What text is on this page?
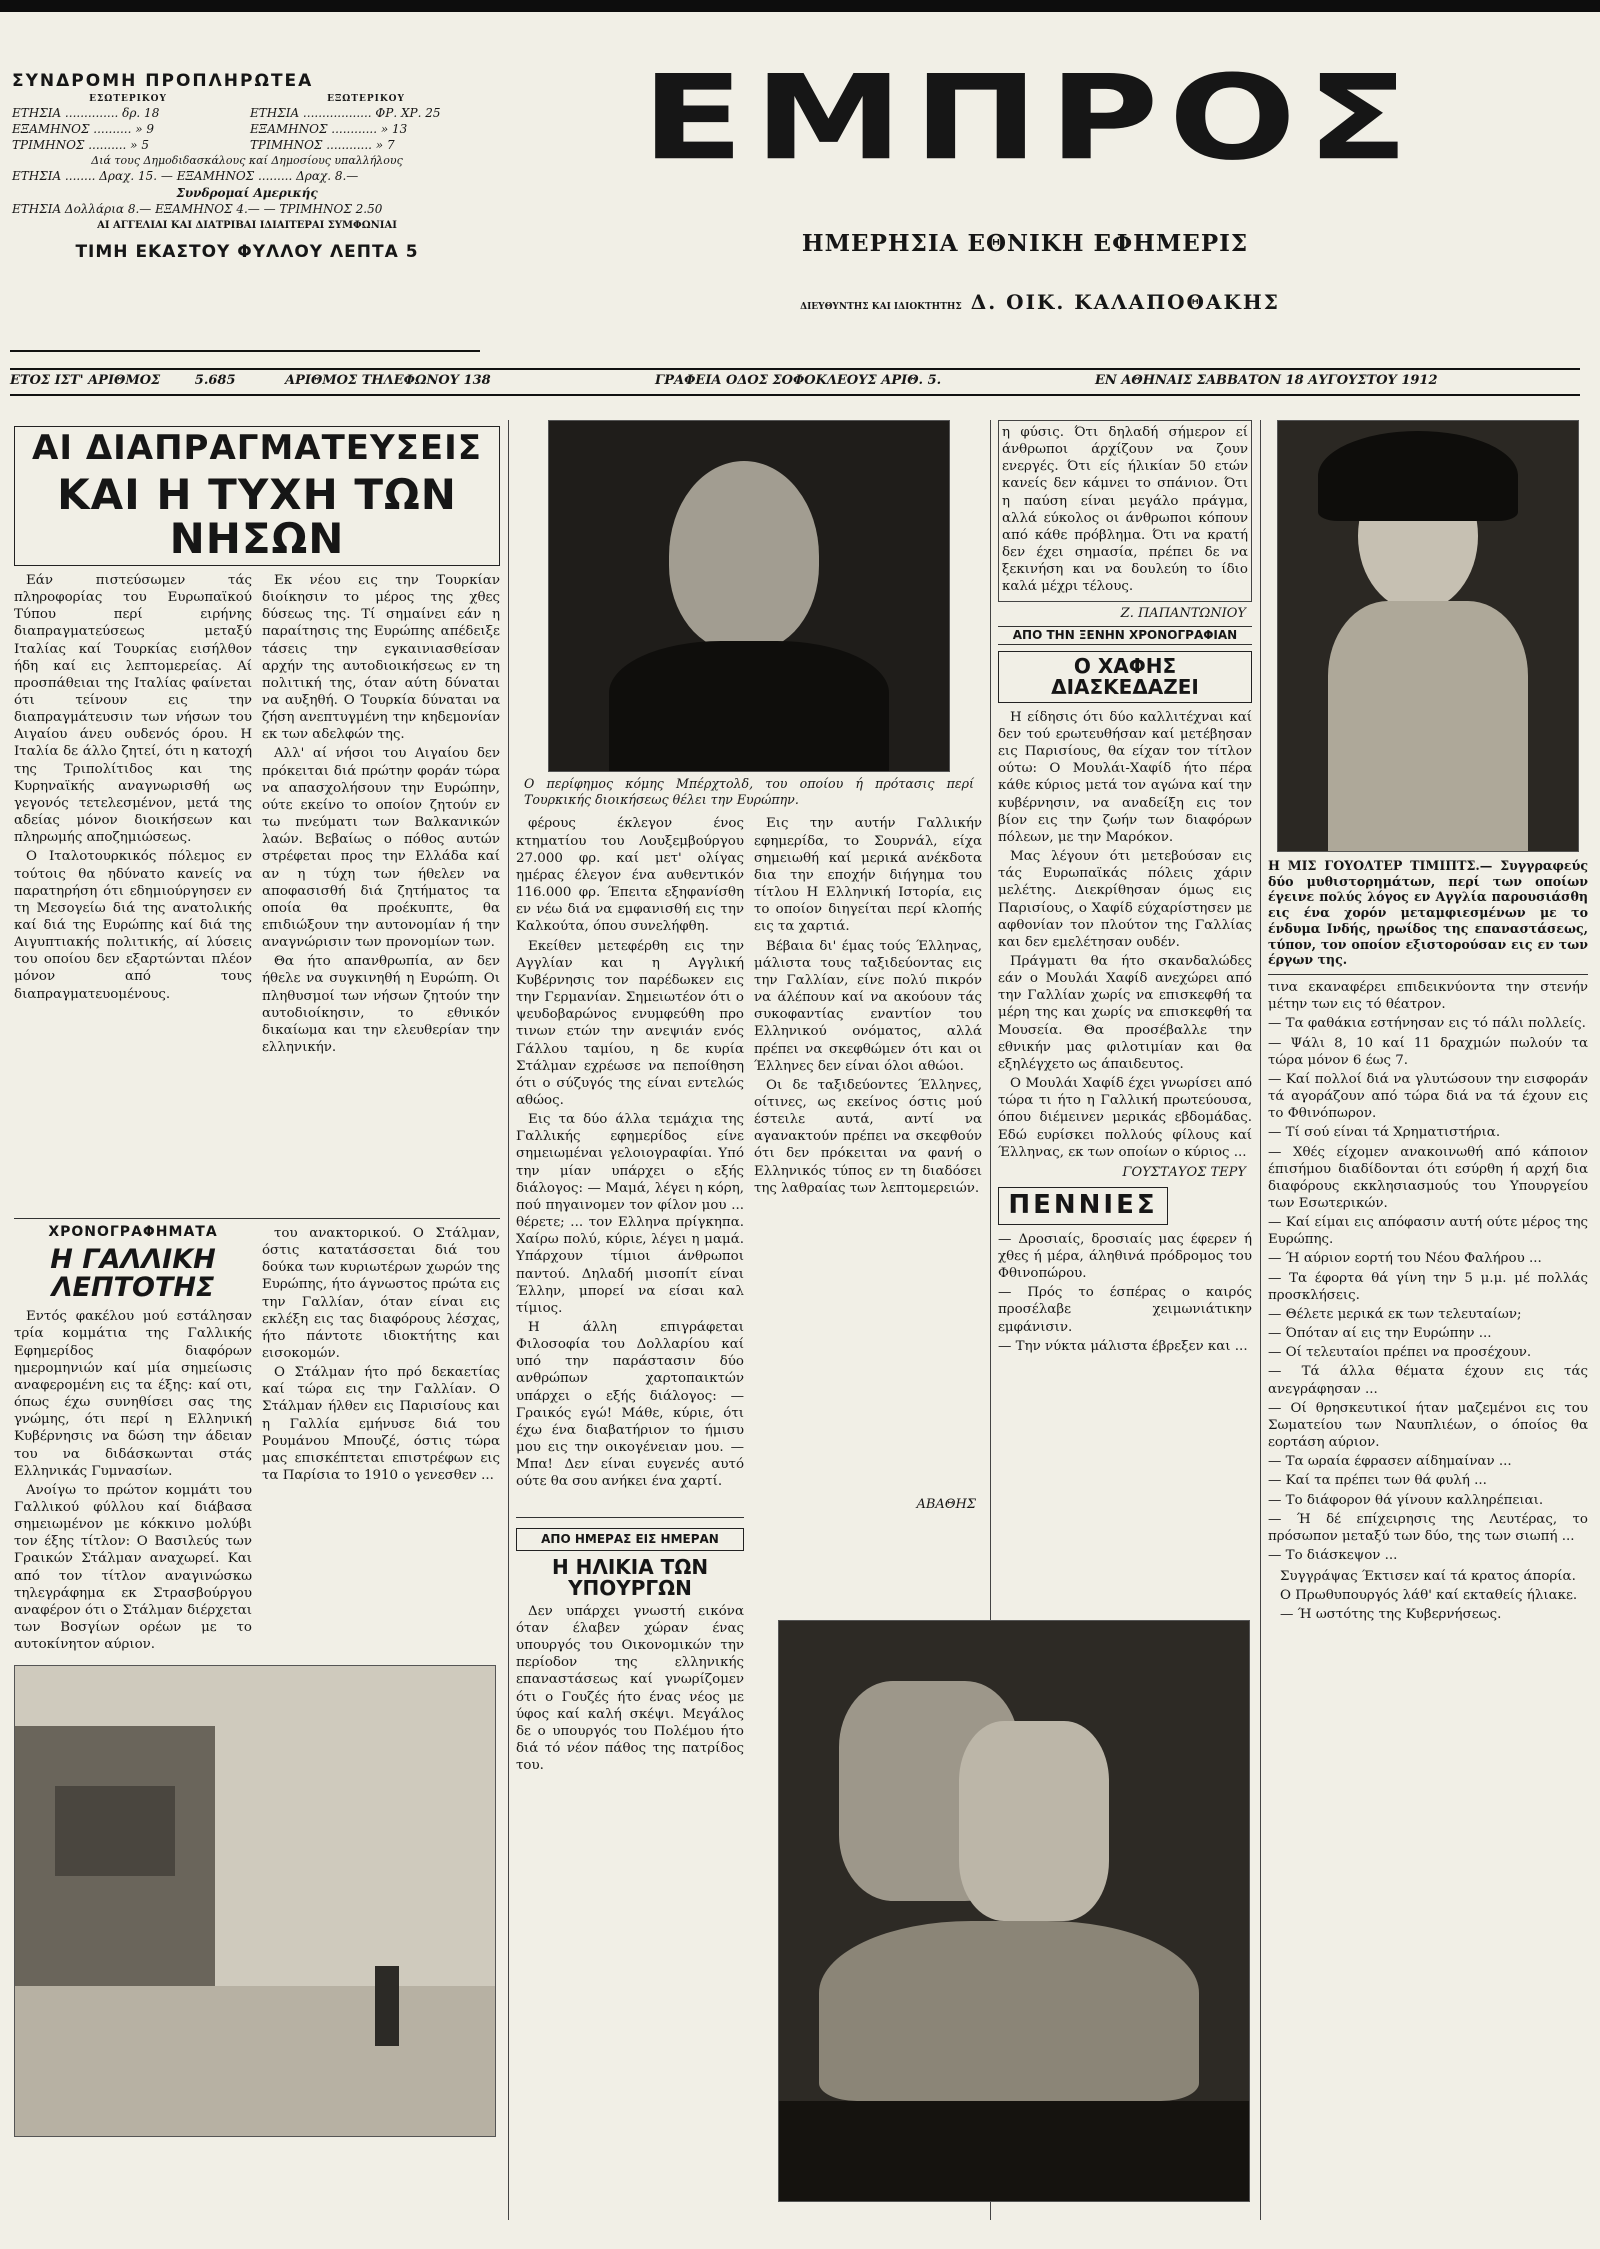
ΣΥΝΔΡΟΜΗ ΠΡΟΠΛΗΡΩΤΕΑ
ΕΣΩΤΕΡΙΚΟΥ	ΕΞΩΤΕΡΙΚΟΥ
ΕΤΗΣΙΑ .............. δρ. 18	ΕΤΗΣΙΑ .................. ΦΡ. ΧΡ. 25
ΕΞΑΜΗΝΟΣ .......... » 9	ΕΞΑΜΗΝΟΣ ............ » 13
ΤΡΙΜΗΝΟΣ .......... » 5	ΤΡΙΜΗΝΟΣ ............ » 7
Διά τους Δημοδιδασκάλους καί Δημοσίους υπαλλήλους
ΕΤΗΣΙΑ ........ Δραχ. 15. — ΕΞΑΜΗΝΟΣ ......... Δραχ. 8.—
Συνδρομαί Αμερικής
ΕΤΗΣΙΑ Δολλάρια 8.— ΕΞΑΜΗΝΟΣ 4.— — ΤΡΙΜΗΝΟΣ 2.50
ΑΙ ΑΓΓΕΛΙΑΙ ΚΑΙ ΔΙΑΤΡΙΒΑΙ ΙΔΙΑΙΤΕΡΑΙ ΣΥΜΦΩΝΙΑΙ
ΤΙΜΗ ΕΚΑΣΤΟΥ ΦΥΛΛΟΥ ΛΕΠΤΑ 5
ΕΜΠΡΟΣ
ΗΜΕΡΗΣΙΑ ΕΘΝΙΚΗ ΕΦΗΜΕΡΙΣ
ΔΙΕΥΘΥΝΤΗΣ ΚΑΙ ΙΔΙΟΚΤΗΤΗΣ Δ. ΟΙΚ. ΚΑΛΑΠΟΘΑΚΗΣ
ΕΤΟΣ ΙΣΤ' ΑΡΙΘΜΟΣ	5.685	ΑΡΙΘΜΟΣ ΤΗΛΕΦΩΝΟΥ 138	ΓΡΑΦΕΙΑ ΟΔΟΣ ΣΟΦΟΚΛΕΟΥΣ ΑΡΙΘ. 5.	ΕΝ ΑΘΗΝΑΙΣ ΣΑΒΒΑΤΟΝ 18 ΑΥΓΟΥΣΤΟΥ 1912
ΑΙ ΔΙΑΠΡΑΓΜΑΤΕΥΣΕΙΣ
ΚΑΙ Η ΤΥΧΗ ΤΩΝ ΝΗΣΩΝ

Εάν πιστεύσωμεν τάς πληροφορίας του Ευρωπαϊκού Τύπου περί ειρήνης διαπραγματεύσεως μεταξύ Ιταλίας καί Τουρκίας εισήλθον ήδη καί εις λεπτομερείας. Αί προσπάθειαι της Ιταλίας φαίνεται ότι τείνουν εις την διαπραγμάτευσιν των νήσων του Αιγαίου άνευ ουδενός όρου. Η Ιταλία δε άλλο ζητεί, ότι η κατοχή της Τριπολίτιδος και της Κυρηναϊκής αναγνωρισθή ως γεγονός τετελεσμένον, μετά της αδείας μόνον διοικήσεων και πληρωμής αποζημιώσεως.

Ο Ιταλοτουρκικός πόλεμος εν τούτοις θα ηδύνατο κανείς να παρατηρήση ότι εδημιούργησεν εν τη Μεσογείω διά της ανατολικής καί διά της Ευρώπης καί διά της Αιγυπτιακής πολιτικής, αί λύσεις του οποίου δεν εξαρτώνται πλέον μόνον από τους διαπραγματευομένους.

Εκ νέου εις την Τουρκίαν διοίκησιν το μέρος της χθες δύσεως της. Τί σημαίνει εάν η παραίτησις της Ευρώπης απέδειξε τάσεις την εγκαινιασθείσαν αρχήν της αυτοδιοικήσεως εν τη πολιτική της, όταν αύτη δύναται να αυξηθή. Ο Τουρκία δύναται να ζήση ανεπτυγμένη την κηδεμονίαν εκ των αδελφών της.

Αλλ' αί νήσοι του Αιγαίου δεν πρόκειται διά πρώτην φοράν τώρα να απασχολήσουν την Ευρώπην, ούτε εκείνο το οποίον ζητούν εν τω πνεύματι των Βαλκανικών λαών. Βεβαίως ο πόθος αυτών στρέφεται προς την Ελλάδα καί αν η τύχη των ήθελεν να αποφασισθή διά ζητήματος τα οποία θα προέκυπτε, θα επιδιώξουν την αυτονομίαν ή την αναγνώρισιν των προνομίων των.

Θα ήτο απανθρωπία, αν δεν ήθελε να συγκινηθή η Ευρώπη. Οι πληθυσμοί των νήσων ζητούν την αυτοδιοίκησιν, το εθνικόν δικαίωμα και την ελευθερίαν την ελληνικήν.

ΧΡΟΝΟΓΡΑΦΗΜΑΤΑ
Η ΓΑΛΛΙΚΗ ΛΕΠΤΟΤΗΣ

Εντός φακέλου μού εστάλησαν τρία κομμάτια της Γαλλικής Εφημερίδος διαφόρων ημερομηνιών καί μία σημείωσις αναφερομένη εις τα έξης: καί οτι, όπως έχω συνηθίσει σας της γνώμης, ότι περί η Ελληνική Κυβέρνησις να δώση την άδειαν του να διδάσκωνται στάς Ελληνικάς Γυμνασίων.

Ανοίγω το πρώτον κομμάτι του Γαλλικού φύλλου καί διάβασα σημειωμένον με κόκκινο μολύβι τον έξης τίτλον: Ο Βασιλεύς των Γραικών Στάλμαν αναχωρεί. Και από τον τίτλον αναγινώσκω τηλεγράφημα εκ Στρασβούργου αναφέρον ότι ο Στάλμαν διέρχεται των Βοσγίων ορέων με το αυτοκίνητον αύριον.

του ανακτορικού. Ο Στάλμαν, όστις κατατάσσεται διά του δούκα των κυριωτέρων χωρών της Ευρώπης, ήτο άγνωστος πρώτα εις την Γαλλίαν, όταν είναι εις εκλέξη εις τας διαφόρους λέσχας, ήτο πάντοτε ιδιοκτήτης και εισοκομών.

Ο Στάλμαν ήτο πρό δεκαετίας καί τώρα εις την Γαλλίαν. Ο Στάλμαν ήλθεν εις Παρισίους και η Γαλλία εμήνυσε διά του Ρουμάνου Μπουζέ, όστις τώρα μας επισκέπτεται επιστρέφων εις τα Παρίσια το 1910 ο γενεσθεν ...

Ο περίφημος κόμης Μπέρχτολδ, του οποίου ή πρότασις περί Τουρκικής διοικήσεως θέλει την Ευρώπην.

φέρους έκλεγον ένος κτηματίου του Λουξεμβούργου 27.000 φρ. καί μετ' ολίγας ημέρας έλεγον ένα αυθεντικόν 116.000 φρ. Έπειτα εξηφανίσθη εν νέω διά να εμφανισθή εις την Καλκούτα, όπου συνελήφθη.

Εκείθεν μετεφέρθη εις την Αγγλίαν και η Αγγλική Κυβέρνησις τον παρέδωκεν εις την Γερμανίαν. Σημειωτέον ότι ο ψευδοβαρώνος ενυμφεύθη προ τινων ετών την ανεψιάν ενός Γάλλου ταμίου, η δε κυρία Στάλμαν εχρέωσε να πεποίθηση ότι ο σύζυγός της είναι εντελώς αθώος.

Εις τα δύο άλλα τεμάχια της Γαλλικής εφημερίδος είνε σημειωμέναι γελοιογραφίαι. Υπό την μίαν υπάρχει ο εξής διάλογος: — Μαμά, λέγει η κόρη, πού πηγαινομεν τον φίλον μου ... θέρετε; ... τον Ελληνα πρίγκηπα. Χαίρω πολύ, κύριε, λέγει η μαμά. Υπάρχουν τίμιοι άνθρωποι παντού. Δηλαδή μισοπίτ είναι Έλλην, μπορεί να είσαι καλ τίμιος.

Η άλλη επιγράφεται Φιλοσοφία του Δολλαρίου καί υπό την παράστασιν δύο ανθρώπων χαρτοπαικτών υπάρχει ο εξής διάλογος: — Γραικός εγώ! Μάθε, κύριε, ότι έχω ένα διαβατήριον το ήμισυ μου εις την οικογένειαν μου. — Μπα! Δεν είναι ευγενές αυτό ούτε θα σου ανήκει ένα χαρτί.

Εις την αυτήν Γαλλικήν εφημερίδα, το Σουρνάλ, είχα σημειωθή καί μερικά ανέκδοτα δια την εποχήν διήγημα του τίτλου Η Ελληνική Ιστορία, εις το οποίον διηγείται περί κλοπής εις τα χαρτιά.

Βέβαια δι' έμας τούς Έλληνας, μάλιστα τους ταξιδεύοντας εις την Γαλλίαν, είνε πολύ πικρόν να άλέπουν καί να ακούουν τάς συκοφαντίας εναντίον του Ελληνικού ονόματος, αλλά πρέπει να σκεφθώμεν ότι και οι Έλληνες δεν είναι όλοι αθώοι.

Οι δε ταξιδεύοντες Έλληνες, οίτινες, ως εκείνος όστις μού έστειλε αυτά, αντί να αγανακτούν πρέπει να σκεφθούν ότι δεν πρόκειται να φανή ο Ελληνικός τύπος εν τη διαδόσει της λαθραίας των λεπτομερειών.

ΑΒΑΘΗΣ
ΑΠΟ ΗΜΕΡΑΣ ΕΙΣ ΗΜΕΡΑΝ
Η ΗΛΙΚΙΑ ΤΩΝ ΥΠΟΥΡΓΩΝ

Δεν υπάρχει γνωστή εικόνα όταν έλαβεν χώραν ένας υπουργός του Οικονομικών την περίοδον της ελληνικής επαναστάσεως καί γνωρίζομεν ότι ο Γουζές ήτο ένας νέος με ύφος καί καλή σκέψι. Μεγάλος δε ο υπουργός του Πολέμου ήτο διά τό νέον πάθος της πατρίδος του.

η φύσις. Ότι δηλαδή σήμερον εί άνθρωποι άρχίζουν να ζουν ενεργές. Ότι είς ήλικίαν 50 ετών κανείς δεν κάμνει το σπάνιον. Ότι η παύση είναι μεγάλο πράγμα, αλλά εύκολος οι άνθρωποι κόπουν από κάθε πρόβλημα. Ότι να κρατή δεν έχει σημασία, πρέπει δε να ξεκινήση και να δουλεύη το ίδιο καλά μέχρι τέλους.

Ζ. ΠΑΠΑΝΤΩΝΙΟΥ
ΑΠΟ ΤΗΝ ΞΕΝΗΝ ΧΡΟΝΟΓΡΑΦΙΑΝ
Ο ΧΑΦΗΣ ΔΙΑΣΚΕΔΑΖΕΙ

Η είδησις ότι δύο καλλιτέχναι καί δεν τού ερωτευθήσαν καί μετέβησαν εις Παρισίους, θα είχαν τον τίτλον ούτω: Ο Μουλάι-Χαφίδ ήτο πέρα κάθε κύριος μετά τον αγώνα καί την κυβέρνησιν, να αναδείξη εις τον βίον εις την ζωήν των διαφόρων πόλεων, με την Μαρόκον.

Μας λέγουν ότι μετεβούσαν εις τάς Ευρωπαϊκάς πόλεις χάριν μελέτης. Διεκρίθησαν όμως εις Παρισίους, ο Χαφίδ εύχαρίστησεν με αφθονίαν τον πλούτον της Γαλλίας και δεν εμελέτησαν ουδέν.

Πράγματι θα ήτο σκανδαλώδες εάν ο Μουλάι Χαφίδ ανεχώρει από την Γαλλίαν χωρίς να επισκεφθή τα μέρη της και χωρίς να επισκεφθή τα Μουσεία. Θα προσέβαλλε την εθνικήν μας φιλοτιμίαν και θα εξηλέγχετο ως άπαιδευτος.

Ο Μουλάι Χαφίδ έχει γνωρίσει από τώρα τι ήτο η Γαλλική πρωτεύουσα, όπου διέμεινεν μερικάς εβδομάδας. Εδώ ευρίσκει πολλούς φίλους καί Έλληνας, εκ των οποίων ο κύριος ...

ΓΟΥΣΤΑΥΟΣ ΤΕΡΥ
ΠΕΝΝΙΕΣ

— Δροσιαίς, δροσιαίς μας έφερεν ή χθες ή μέρα, άληθινά πρόδρομος του Φθινοπώρου.

— Πρός το έσπέρας ο καιρός προσέλαβε χειμωνιάτικην εμφάνισιν.

— Την νύκτα μάλιστα έβρεξεν και ...

Η ΜΙΣ ΓΟΥΟΛΤΕΡ ΤΙΜΙΠΤΣ.— Συγγραφεύς δύο μυθιστορημάτων, περί των οποίων έγεινε πολύς λόγος εν Αγγλία παρουσιάσθη εις ένα χορόν μεταμφιεσμένων με το ένδυμα Ινδής, ηρωίδος της επαναστάσεως, τύπον, τον οποίον εξιστορούσαν εις εν των έργων της.

τινα εκαναφέρει επιδεικνύοντα την στενήν μέτην των εις τό θέατρον.

— Τα φαθάκια εστήνησαν εις τό πάλι πολλείς.

— Ψάλι 8, 10 καί 11 δραχμών πωλούν τα τώρα μόνον 6 έως 7.

— Καί πολλοί διά να γλυτώσουν την εισφοράν τά αγοράζουν από τώρα διά να τά έχουν εις το Φθινόπωρον.

— Τί σού είναι τά Χρηματιστήρια.

— Χθές είχομεν ανακοινωθή από κάποιον έπισήμου διαδίδονται ότι εσύρθη ή αρχή δια διαφόρους εκκλησιασμούς του Υπουργείου των Εσωτερικών.

— Καί είμαι εις απόφασιν αυτή ούτε μέρος της Ευρώπης.

— Ή αύριον εορτή του Νέου Φαλήρου ...

— Τα έφορτα θά γίνη την 5 μ.μ. μέ πολλάς προσκλήσεις.

— Θέλετε μερικά εκ των τελευταίων;

— Όπόταν αί εις την Ευρώπην ...

— Οί τελευταίοι πρέπει να προσέχουν.

— Τά άλλα θέματα έχουν εις τάς ανεγράφησαν ...

— Οί θρησκευτικοί ήταν μαζεμένοι εις του Σωματείου των Ναυπλιέων, ο όποίος θα εορτάση αύριον.

— Τα ωραία έφρασεν αίδημαίναν ...

— Καί τα πρέπει των θά φυλή ...

— Το διάφορον θά γίνουν καλληρέπειαι.

— Ή δέ επίχειρησις της Λευτέρας, το πρόσωπον μεταξύ των δύο, της των σιωπή ...

— Το διάσκεψον ...

Συγγράψας Έκτισεν καί τά κρατος άπορία.

Ο Πρωθυπουργός λάθ' καί εκταθείς ήλιακε.

— Ή ωστότης της Κυβερνήσεως.
